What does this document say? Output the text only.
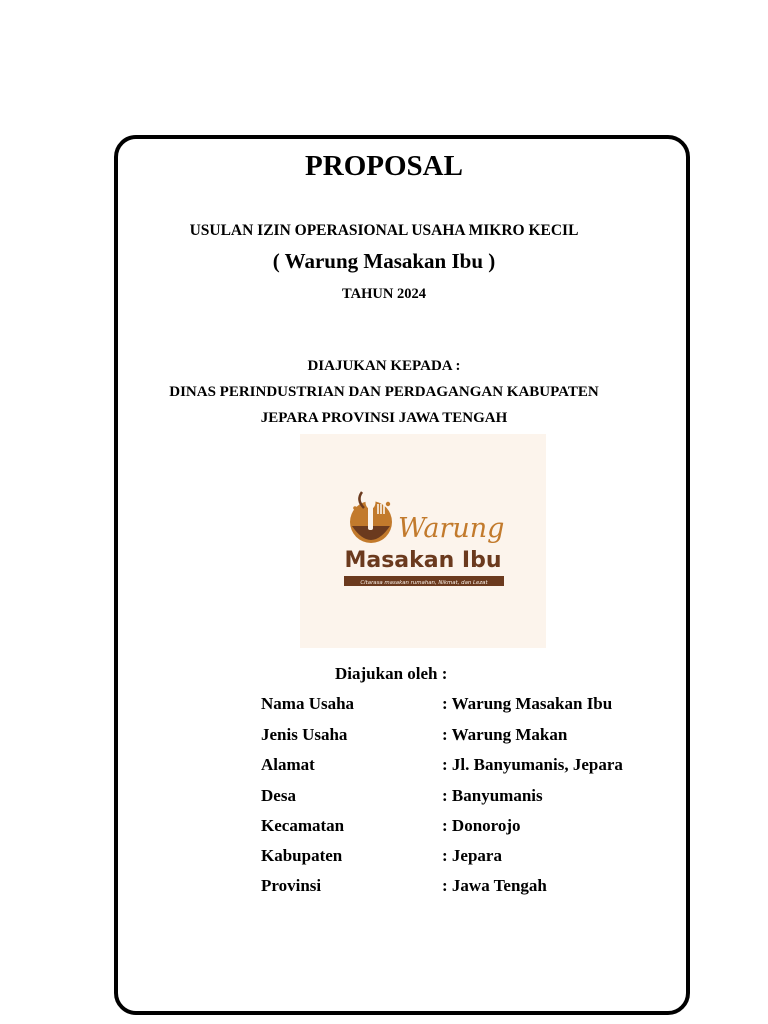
PROPOSAL
USULAN IZIN OPERASIONAL USAHA MIKRO KECIL
( Warung Masakan Ibu )
TAHUN 2024
DIAJUKAN KEPADA :
DINAS PERINDUSTRIAN DAN PERDAGANGAN KABUPATEN
JEPARA PROVINSI JAWA TENGAH
Warung
Masakan Ibu
Citarasa masakan rumahan, Nikmat, dan Lezat
Diajukan oleh :
Nama Usaha	: Warung Masakan Ibu
Jenis Usaha	: Warung Makan
Alamat	: Jl. Banyumanis, Jepara
Desa	: Banyumanis
Kecamatan	: Donorojo
Kabupaten	: Jepara
Provinsi	: Jawa Tengah
